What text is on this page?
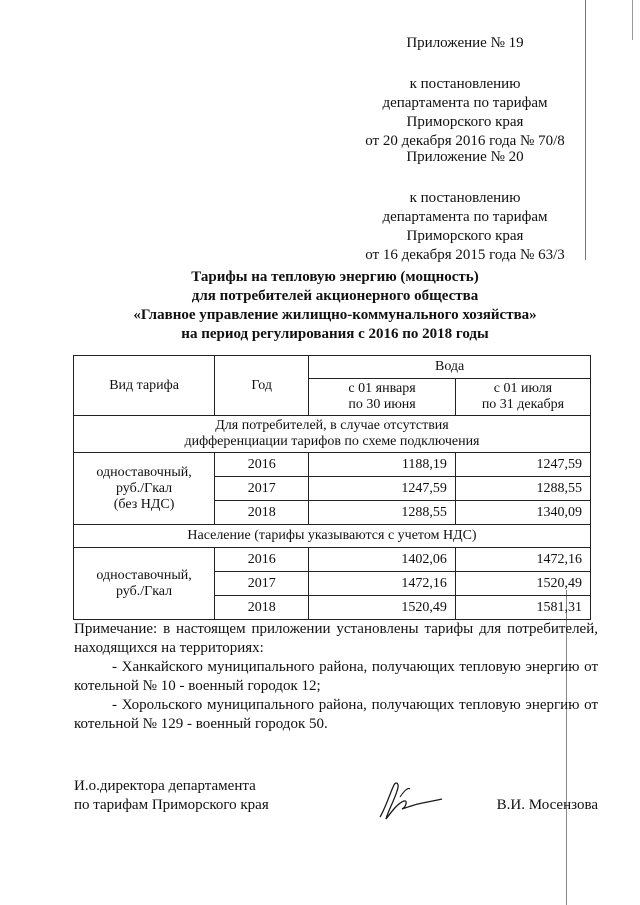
Приложение № 19

к постановлению

департамента по тарифам

Приморского края

от 20 декабря 2016 года № 70/8

Приложение № 20

к постановлению

департамента по тарифам

Приморского края

от 16 декабря 2015 года № 63/3

Тарифы на тепловую энергию (мощность)

для потребителей акционерного общества

«Главное управление жилищно-коммунального хозяйства»

на период регулирования с 2016 по 2018 годы

Вид тарифа	Год	Вода	
		с 01 января
по 30 июня	с 01 июля
по 31 декабря
Для потребителей, в случае отсутствия
дифференциации тарифов по схеме подключения			
одноставочный,
руб./Гкал
(без НДС)	2016	1188,19	1247,59
	2017	1247,59	1288,55
	2018	1288,55	1340,09
Население (тарифы указываются с учетом НДС)			
одноставочный,
руб./Гкал	2016	1402,06	1472,16
	2017	1472,16	1520,49
	2018	1520,49	1581,31

Примечание: в настоящем приложении установлены тарифы для потребителей, находящихся на территориях:

- Ханкайского муниципального района, получающих тепловую энергию от котельной № 10 - военный городок 12;

- Хорольского муниципального района, получающих тепловую энергию от котельной № 129 - военный городок 50.

И.о.директора департамента

по тарифам Приморского края	В.И. Мосензова
